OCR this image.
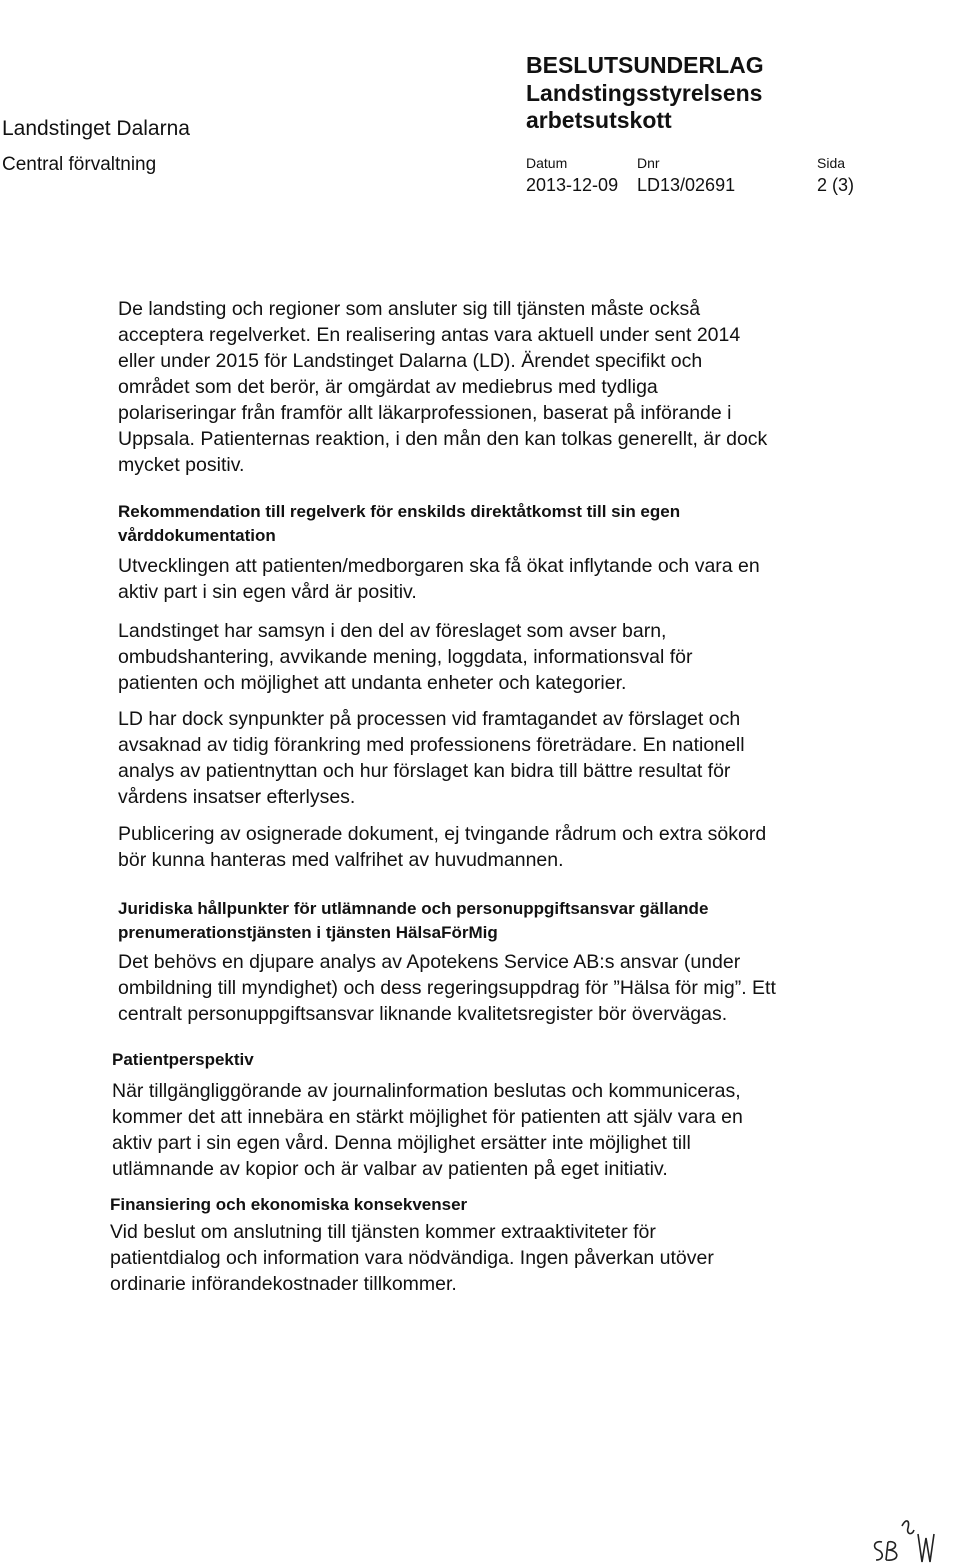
Landstinget Dalarna
Central förvaltning
BESLUTSUNDERLAG
Landstingsstyrelsens
arbetsutskott
Datum	Dnr	Sida
2013-12-09 LD13/02691	2 (3)

De landsting och regioner som ansluter sig till tjänsten måste också
acceptera regelverket. En realisering antas vara aktuell under sent 2014
eller under 2015 för Landstinget Dalarna (LD). Ärendet specifikt och
området som det berör, är omgärdat av mediebrus med tydliga
polariseringar från framför allt läkarprofessionen, baserat på införande i
Uppsala. Patienternas reaktion, i den mån den kan tolkas generellt, är dock
mycket positiv.

Rekommendation till regelverk för enskilds direktåtkomst till sin egen
vårddokumentation

Utvecklingen att patienten/medborgaren ska få ökat inflytande och vara en
aktiv part i sin egen vård är positiv.

Landstinget har samsyn i den del av föreslaget som avser barn,
ombudshantering, avvikande mening, loggdata, informationsval för
patienten och möjlighet att undanta enheter och kategorier.

LD har dock synpunkter på processen vid framtagandet av förslaget och
avsaknad av tidig förankring med professionens företrädare. En nationell
analys av patientnyttan och hur förslaget kan bidra till bättre resultat för
vårdens insatser efterlyses.

Publicering av osignerade dokument, ej tvingande rådrum och extra sökord
bör kunna hanteras med valfrihet av huvudmannen.

Juridiska hållpunkter för utlämnande och personuppgiftsansvar gällande
prenumerationstjänsten i tjänsten HälsaFörMig

Det behövs en djupare analys av Apotekens Service AB:s ansvar (under
ombildning till myndighet) och dess regeringsuppdrag för ”Hälsa för mig”. Ett
centralt personuppgiftsansvar liknande kvalitetsregister bör övervägas.

Patientperspektiv

När tillgängliggörande av journalinformation beslutas och kommuniceras,
kommer det att innebära en stärkt möjlighet för patienten att själv vara en
aktiv part i sin egen vård. Denna möjlighet ersätter inte möjlighet till
utlämnande av kopior och är valbar av patienten på eget initiativ.

Finansiering och ekonomiska konsekvenser

Vid beslut om anslutning till tjänsten kommer extraaktiviteter för
patientdialog och information vara nödvändiga. Ingen påverkan utöver
ordinarie införandekostnader tillkommer.
